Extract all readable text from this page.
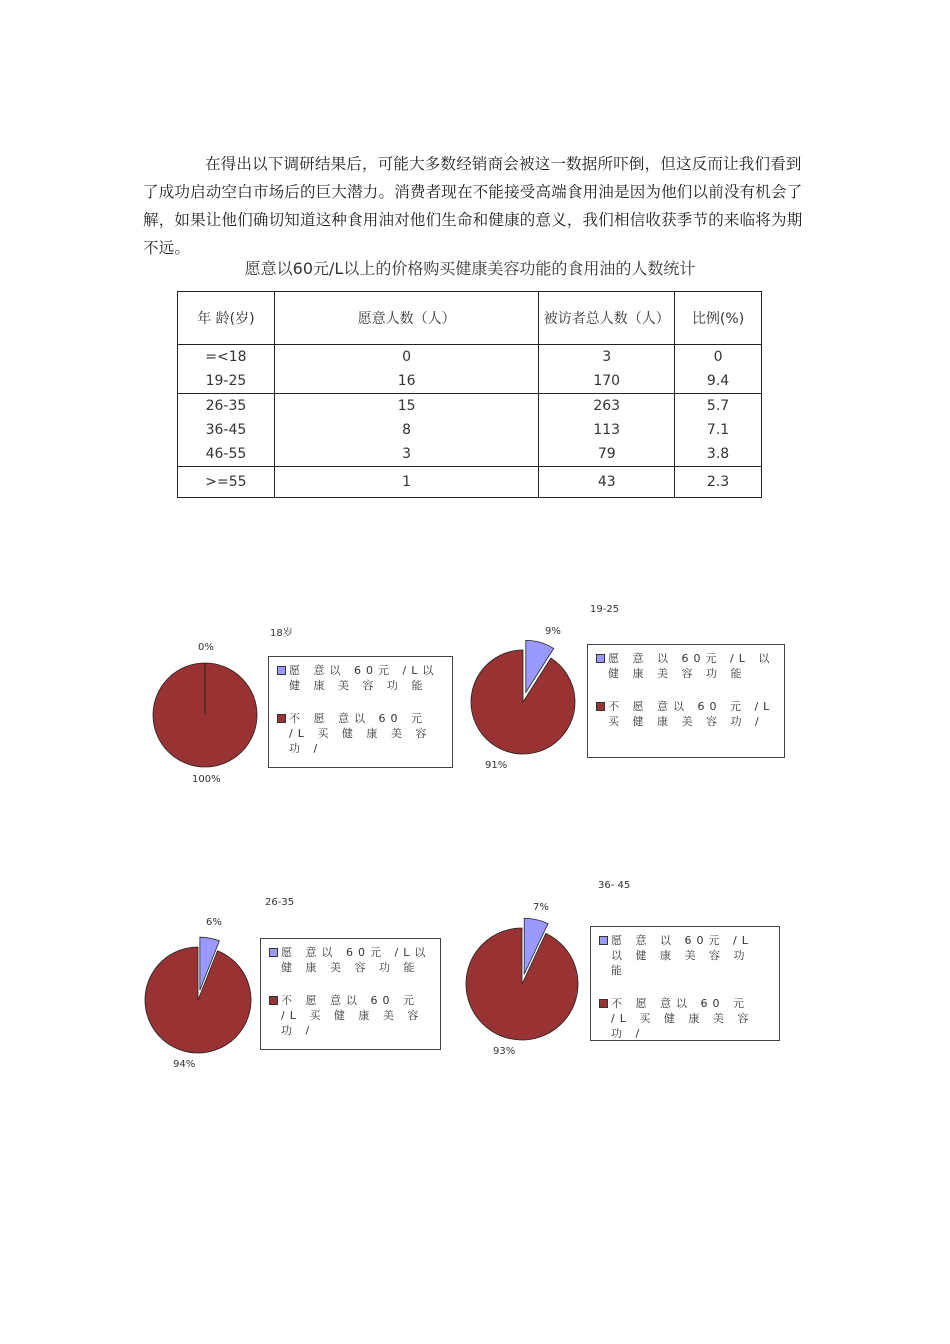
在得出以下调研结果后，可能大多数经销商会被这一数据所吓倒，但这反而让我们看到了成功启动空白市场后的巨大潜力。消费者现在不能接受高端食用油是因为他们以前没有机会了解，如果让他们确切知道这种食用油对他们生命和健康的意义，我们相信收获季节的来临将为期不远。

愿意以60元/L以上的价格购买健康美容功能的食用油的人数统计
年 龄(岁)	愿意人数（人）	被访者总人数（人）	比例(%)
=<18	0	3	0
19-25	16	170	9.4
26-35	15	263	5.7
36-45	8	113	7.1
46-55	3	79	3.8
>=55	1	43	2.3
18岁
0%
100%
愿 意以 60元 /L以 健 康 美 容 功 能
不 愿 意以 60 元 /L 买 健 康 美 容 功 /
19-25
9%
91%
愿 意 以 60元 /L 以 健 康 美 容 功 能
不 愿 意以 60 元 /L 买 健 康 美 容 功 /
26-35
6%
94%
愿 意以 60元 /L以 健 康 美 容 功 能
不 愿 意以 60 元 /L 买 健 康 美 容 功 /
36- 45
7%
93%
愿 意 以 60元 /L 以 健 康 美 容 功 能
不 愿 意以 60 元 /L 买 健 康 美 容 功 /
